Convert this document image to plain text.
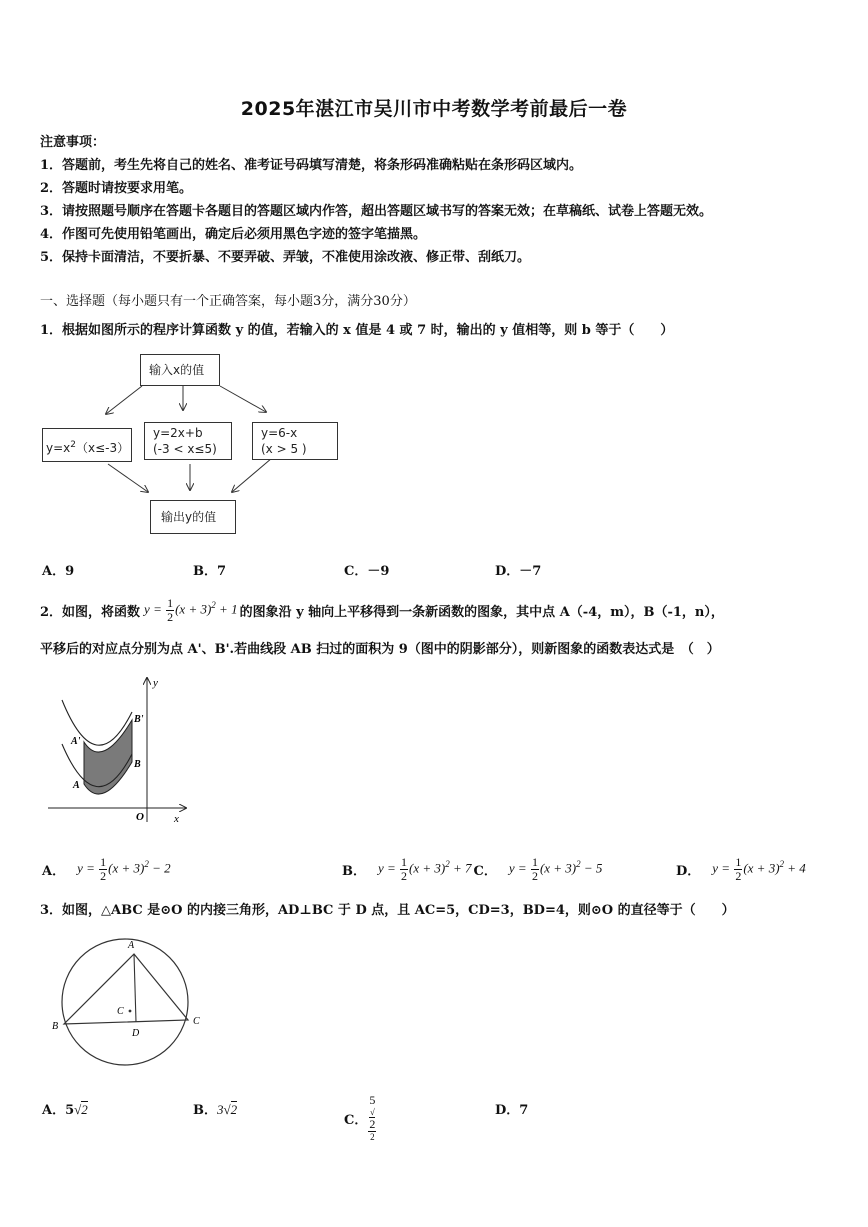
2025年湛江市吴川市中考数学考前最后一卷
注意事项：
1．答题前，考生先将自己的姓名、准考证号码填写清楚，将条形码准确粘贴在条形码区域内。
2．答题时请按要求用笔。
3．请按照题号顺序在答题卡各题目的答题区域内作答，超出答题区域书写的答案无效；在草稿纸、试卷上答题无效。
4．作图可先使用铅笔画出，确定后必须用黑色字迹的签字笔描黑。
5．保持卡面清洁，不要折暴、不要弄破、弄皱，不准使用涂改液、修正带、刮纸刀。
一、选择题（每小题只有一个正确答案，每小题3分，满分30分）
1．根据如图所示的程序计算函数 y 的值，若输入的 x 值是 4 或 7 时，输出的 y 值相等，则 b 等于（　　）
输入x的值
$y=x^2(x\le-3)$
y=2x+b
(-3 < x≤5)
y=6-x
(x > 5 )
输出y的值
A．9	B．7	C．－9	D．－7
2．如图，将函数 $y = \frac{1}{2} (x + 3)^2 + 1$ 的图象沿 y 轴向上平移得到一条新函数的图象，其中点 A（-4，m），B（-1，n），
平移后的对应点分别为点 A'、B'.若曲线段 AB 扫过的面积为 9（图中的阴影部分），则新图象的函数表达式是　（　）
y
x
O
A'
A
B'
B
A． $y = \frac{1}{2} (x + 3)^2 - 2$	B． $y = \frac{1}{2} (x + 3)^2 + 7$ C． $y = \frac{1}{2} (x + 3)^2 - 5$	D． $y = \frac{1}{2} (x + 3)^2 + 4$
3．如图，△ABC 是⊙O 的内接三角形，AD⊥BC 于 D 点，且 AC=5，CD=3，BD=4，则⊙O 的直径等于（　　）
A
B	C
D
C
A．5√2	B．3√2
C． 5
√
2
2	D．7
